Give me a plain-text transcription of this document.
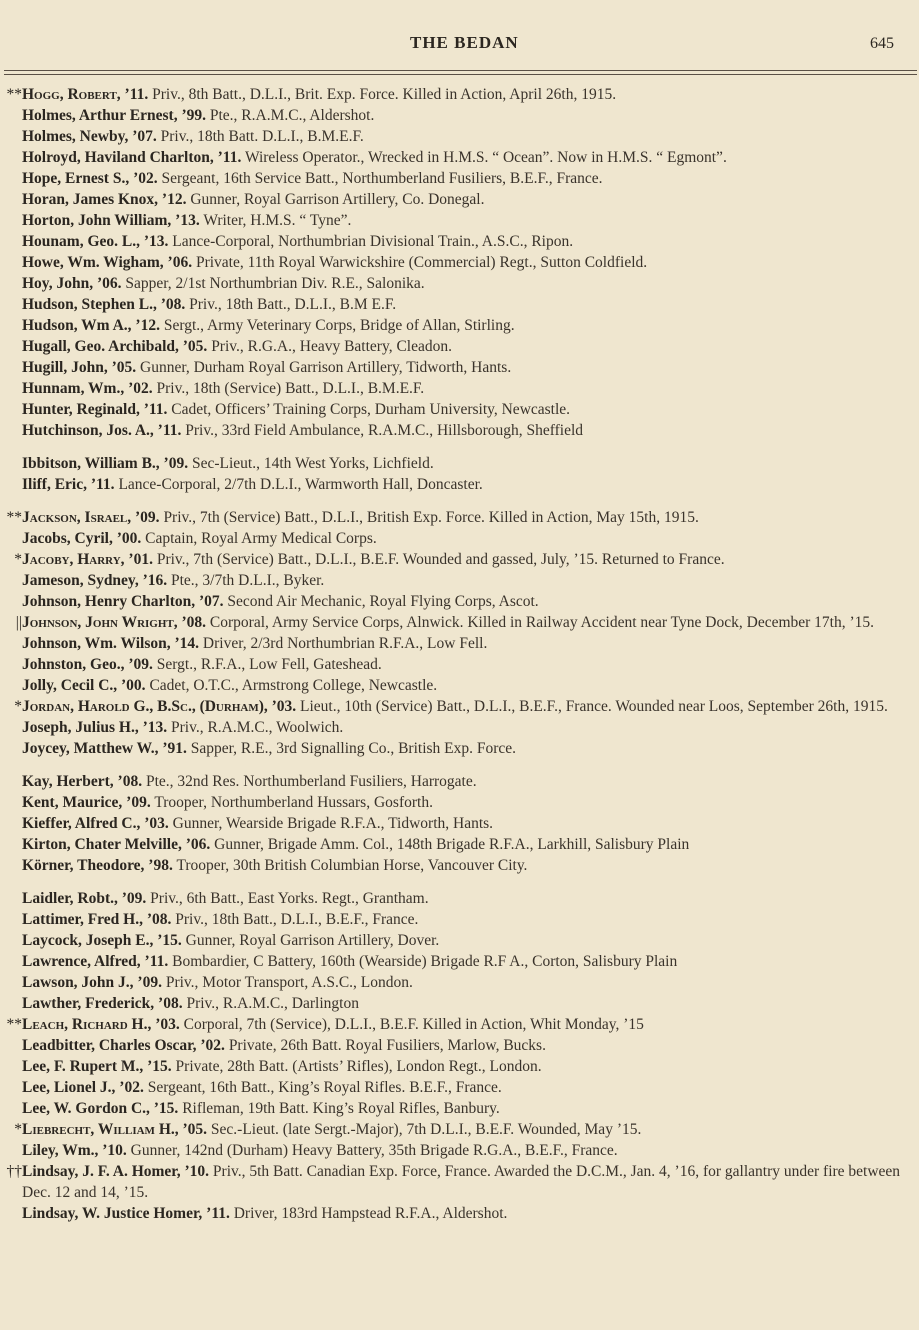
THE BEDAN	645
**Hogg, Robert, ’11. Priv., 8th Batt., D.L.I., Brit. Exp. Force. Killed in Action, April 26th, 1915.
Holmes, Arthur Ernest, ’99. Pte., R.A.M.C., Aldershot.
Holmes, Newby, ’07. Priv., 18th Batt. D.L.I., B.M.E.F.
Holroyd, Haviland Charlton, ’11. Wireless Operator., Wrecked in H.M.S. “ Ocean”. Now in H.M.S. “ Egmont”.
Hope, Ernest S., ’02. Sergeant, 16th Service Batt., Northumberland Fusiliers, B.E.F., France.
Horan, James Knox, ’12. Gunner, Royal Garrison Artillery, Co. Donegal.
Horton, John William, ’13. Writer, H.M.S. “ Tyne”.
Hounam, Geo. L., ’13. Lance-Corporal, Northumbrian Divisional Train., A.S.C., Ripon.
Howe, Wm. Wigham, ’06. Private, 11th Royal Warwickshire (Commercial) Regt., Sutton Coldfield.
Hoy, John, ’06. Sapper, 2/1st Northumbrian Div. R.E., Salonika.
Hudson, Stephen L., ’08. Priv., 18th Batt., D.L.I., B.M E.F.
Hudson, Wm A., ’12. Sergt., Army Veterinary Corps, Bridge of Allan, Stirling.
Hugall, Geo. Archibald, ’05. Priv., R.G.A., Heavy Battery, Cleadon.
Hugill, John, ’05. Gunner, Durham Royal Garrison Artillery, Tidworth, Hants.
Hunnam, Wm., ’02. Priv., 18th (Service) Batt., D.L.I., B.M.E.F.
Hunter, Reginald, ’11. Cadet, Officers’ Training Corps, Durham University, Newcastle.
Hutchinson, Jos. A., ’11. Priv., 33rd Field Ambulance, R.A.M.C., Hillsborough, Sheffield
Ibbitson, William B., ’09. Sec-Lieut., 14th West Yorks, Lichfield.
Iliff, Eric, ’11. Lance-Corporal, 2/7th D.L.I., Warmworth Hall, Doncaster.
**Jackson, Israel, ’09. Priv., 7th (Service) Batt., D.L.I., British Exp. Force. Killed in Action, May 15th, 1915.
Jacobs, Cyril, ’00. Captain, Royal Army Medical Corps.
*Jacoby, Harry, ’01. Priv., 7th (Service) Batt., D.L.I., B.E.F. Wounded and gassed, July, ’15. Returned to France.
Jameson, Sydney, ’16. Pte., 3/7th D.L.I., Byker.
Johnson, Henry Charlton, ’07. Second Air Mechanic, Royal Flying Corps, Ascot.
||Johnson, John Wright, ’08. Corporal, Army Service Corps, Alnwick. Killed in Railway Accident near Tyne Dock, December 17th, ’15.
Johnson, Wm. Wilson, ’14. Driver, 2/3rd Northumbrian R.F.A., Low Fell.
Johnston, Geo., ’09. Sergt., R.F.A., Low Fell, Gateshead.
Jolly, Cecil C., ’00. Cadet, O.T.C., Armstrong College, Newcastle.
*Jordan, Harold G., B.Sc., (Durham), ’03. Lieut., 10th (Service) Batt., D.L.I., B.E.F., France. Wounded near Loos, September 26th, 1915.
Joseph, Julius H., ’13. Priv., R.A.M.C., Woolwich.
Joycey, Matthew W., ’91. Sapper, R.E., 3rd Signalling Co., British Exp. Force.
Kay, Herbert, ’08. Pte., 32nd Res. Northumberland Fusiliers, Harrogate.
Kent, Maurice, ’09. Trooper, Northumberland Hussars, Gosforth.
Kieffer, Alfred C., ’03. Gunner, Wearside Brigade R.F.A., Tidworth, Hants.
Kirton, Chater Melville, ’06. Gunner, Brigade Amm. Col., 148th Brigade R.F.A., Larkhill, Salisbury Plain
Körner, Theodore, ’98. Trooper, 30th British Columbian Horse, Vancouver City.
Laidler, Robt., ’09. Priv., 6th Batt., East Yorks. Regt., Grantham.
Lattimer, Fred H., ’08. Priv., 18th Batt., D.L.I., B.E.F., France.
Laycock, Joseph E., ’15. Gunner, Royal Garrison Artillery, Dover.
Lawrence, Alfred, ’11. Bombardier, C Battery, 160th (Wearside) Brigade R.F A., Corton, Salisbury Plain
Lawson, John J., ’09. Priv., Motor Transport, A.S.C., London.
Lawther, Frederick, ’08. Priv., R.A.M.C., Darlington
**Leach, Richard H., ’03. Corporal, 7th (Service), D.L.I., B.E.F. Killed in Action, Whit Monday, ’15
Leadbitter, Charles Oscar, ’02. Private, 26th Batt. Royal Fusiliers, Marlow, Bucks.
Lee, F. Rupert M., ’15. Private, 28th Batt. (Artists’ Rifles), London Regt., London.
Lee, Lionel J., ’02. Sergeant, 16th Batt., King’s Royal Rifles. B.E.F., France.
Lee, W. Gordon C., ’15. Rifleman, 19th Batt. King’s Royal Rifles, Banbury.
*Liebrecht, William H., ’05. Sec.-Lieut. (late Sergt.-Major), 7th D.L.I., B.E.F. Wounded, May ’15.
Liley, Wm., ’10. Gunner, 142nd (Durham) Heavy Battery, 35th Brigade R.G.A., B.E.F., France.
††Lindsay, J. F. A. Homer, ’10. Priv., 5th Batt. Canadian Exp. Force, France. Awarded the D.C.M., Jan. 4, ’16, for gallantry under fire between Dec. 12 and 14, ’15.
Lindsay, W. Justice Homer, ’11. Driver, 183rd Hampstead R.F.A., Aldershot.
